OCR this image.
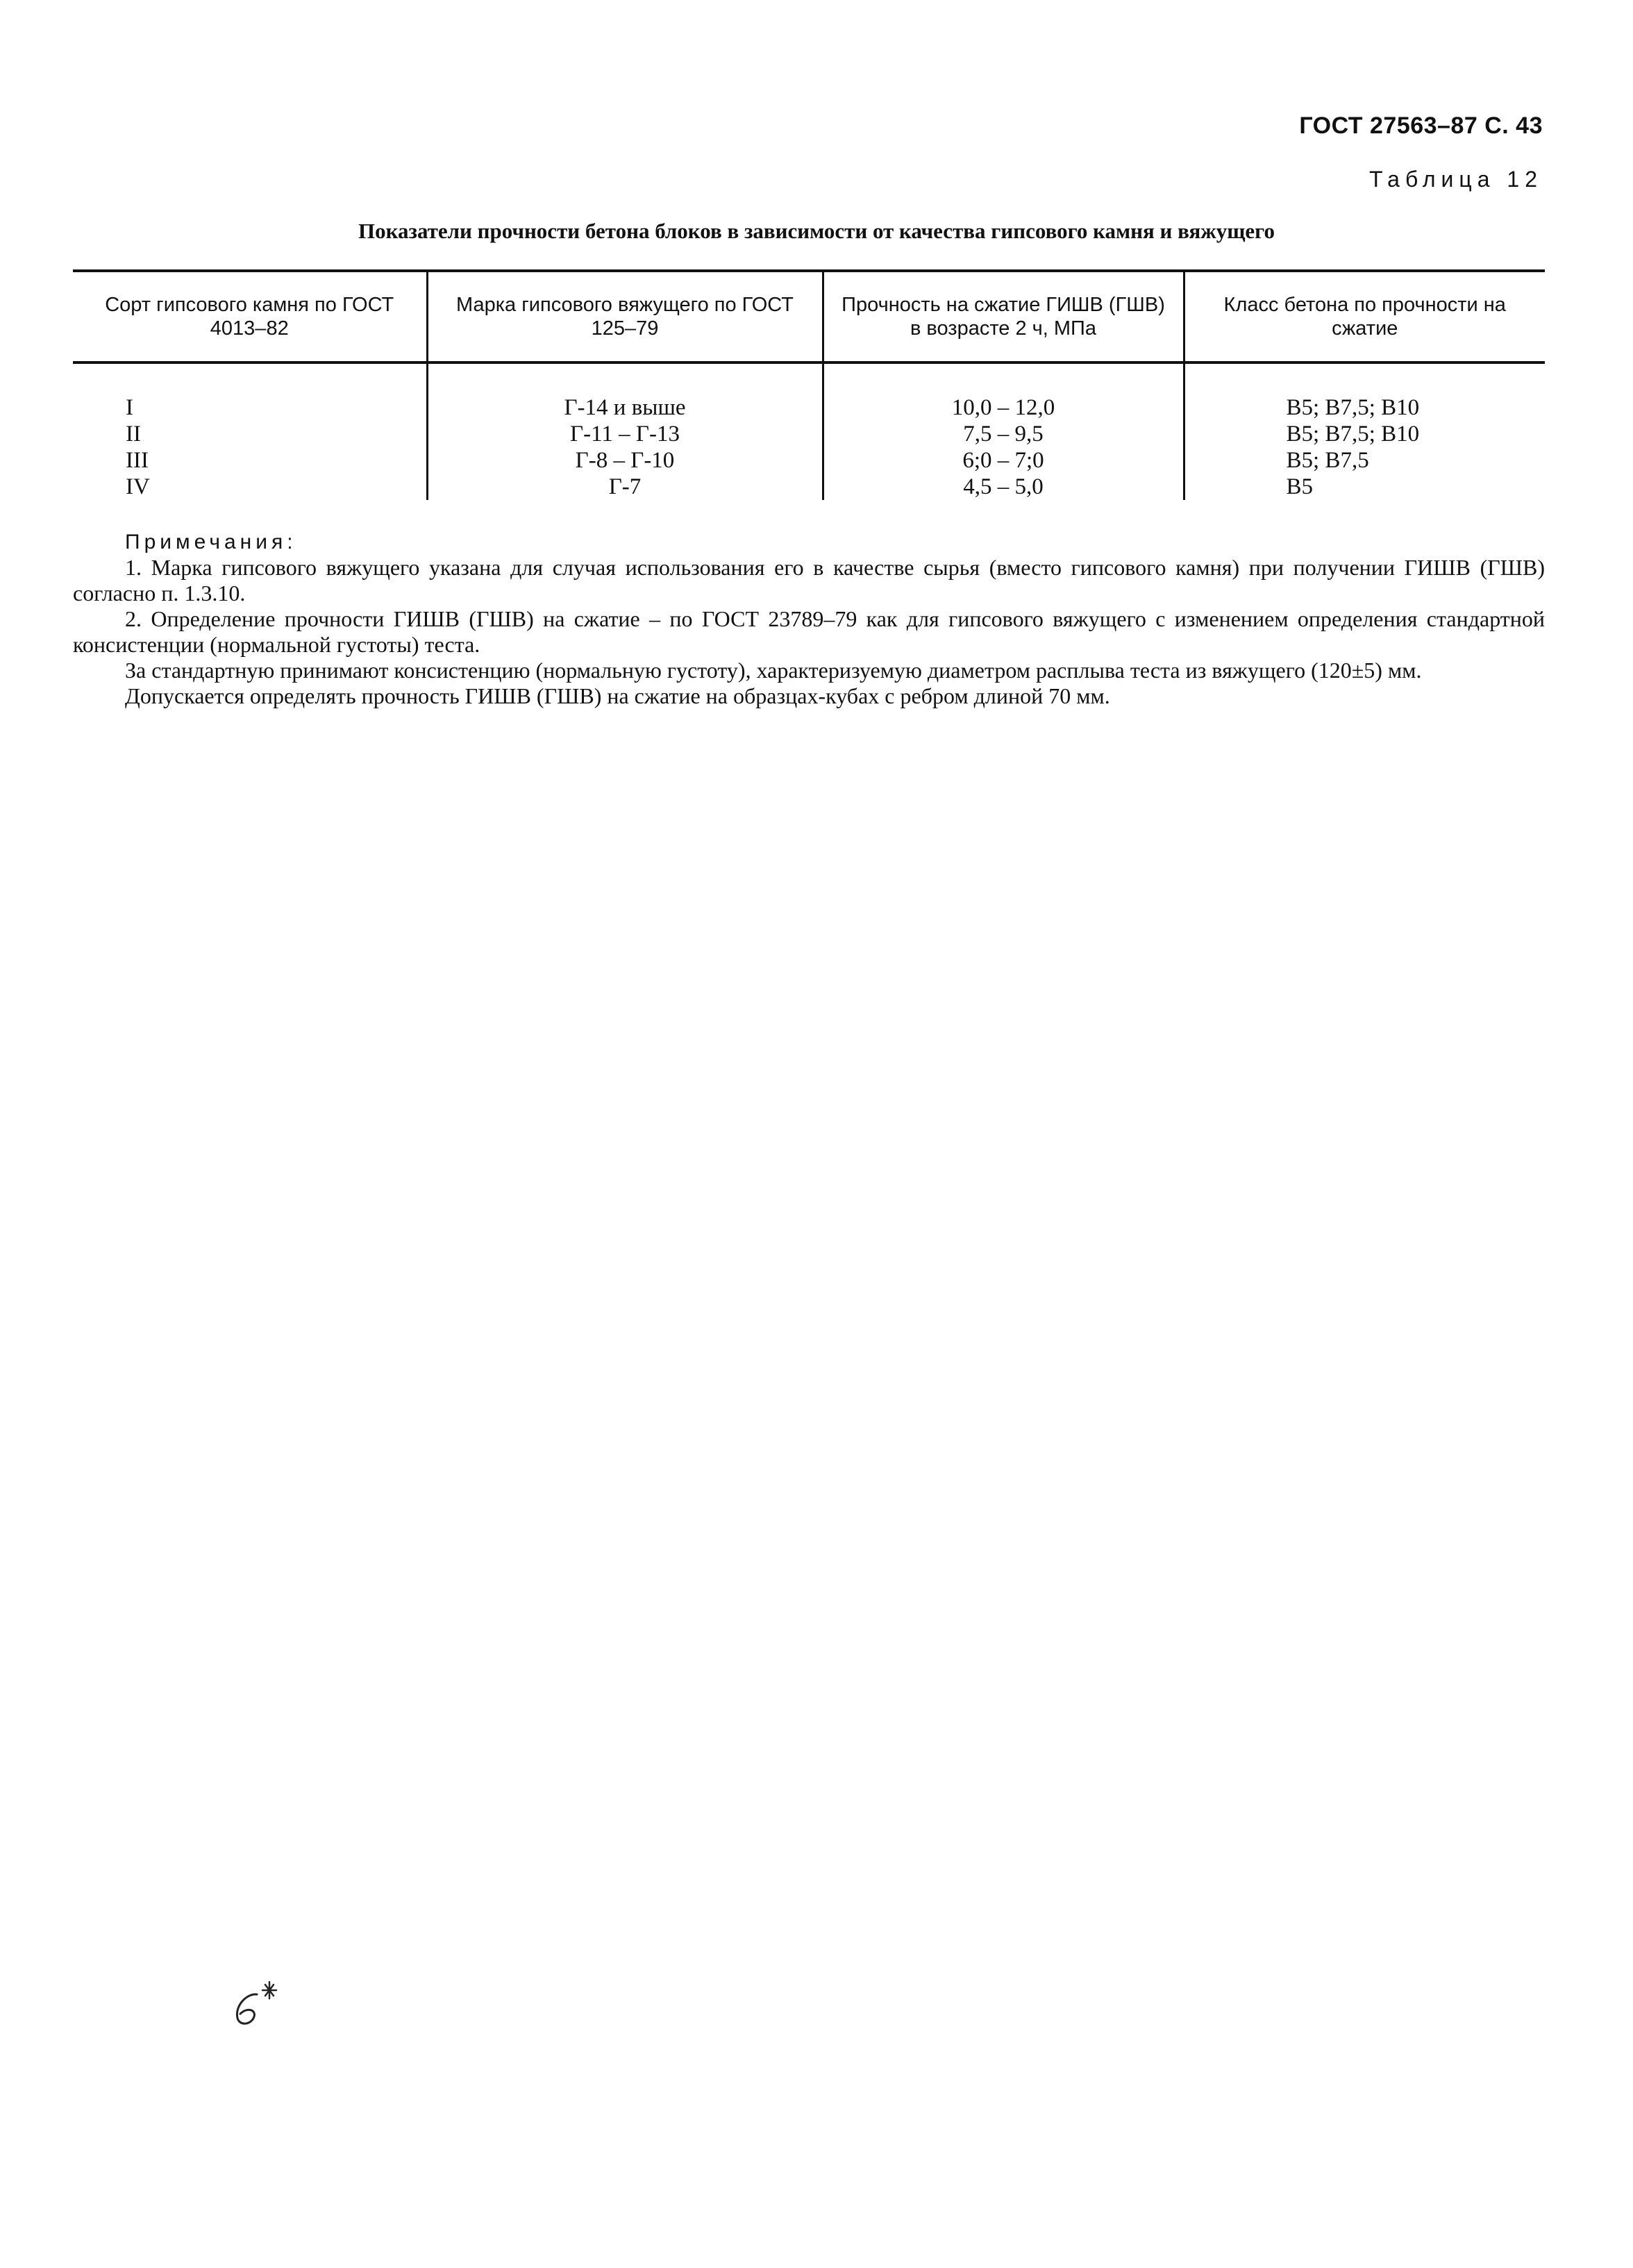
ГОСТ 27563–87 С. 43
Таблица 12
Показатели прочности бетона блоков в зависимости от качества гипсового камня и вяжущего
Сорт гипсового камня по ГОСТ 4013–82	Марка гипсового вяжущего по ГОСТ 125–79	Прочность на сжатие ГИШВ (ГШВ) в возрасте 2 ч, МПа	Класс бетона по прочности на сжатие
I	Г-14 и выше	10,0 – 12,0	В5; В7,5; В10
II	Г-11 – Г-13	7,5 – 9,5	В5; В7,5; В10
III	Г-8 – Г-10	6;0 – 7;0	В5; В7,5
IV	Г-7	4,5 – 5,0	В5
Примечания:

1. Марка гипсового вяжущего указана для случая использования его в качестве сырья (вместо гипсового камня) при получении ГИШВ (ГШВ) согласно п. 1.3.10.

2. Определение прочности ГИШВ (ГШВ) на сжатие – по ГОСТ 23789–79 как для гипсового вяжущего с изменением определения стандартной консистенции (нормальной густоты) теста.

За стандартную принимают консистенцию (нормальную густоту), характеризуемую диаметром расплыва теста из вяжущего (120±5) мм.

Допускается определять прочность ГИШВ (ГШВ) на сжатие на образцах-кубах с ребром длиной 70 мм.
